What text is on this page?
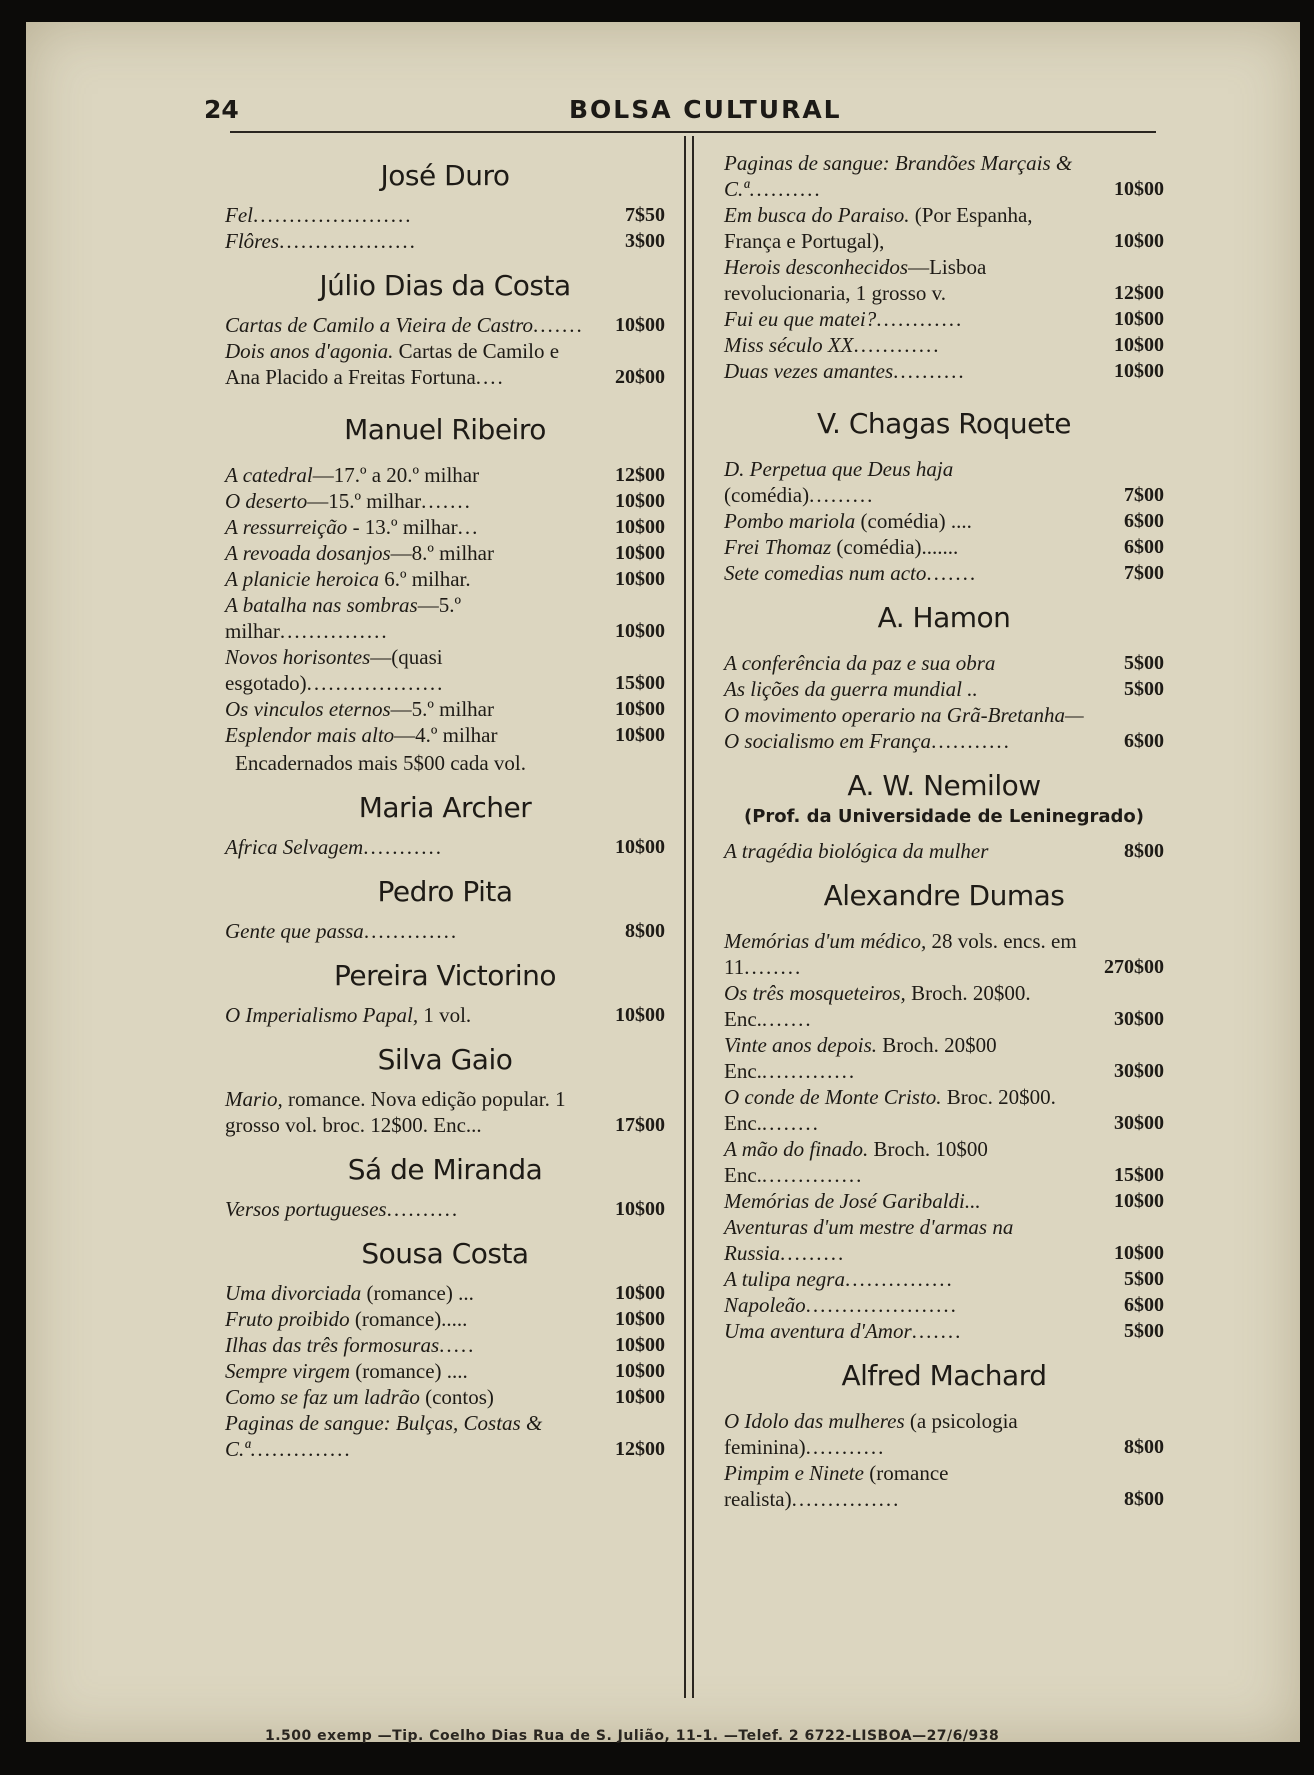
24	BOLSA CULTURAL

José Duro

Fel......................	7$50
Flôres...................	3$00

Júlio Dias da Costa

Cartas de Camilo a Vieira de Castro.......	10$00
Dois anos d'agonia. Cartas de Camilo e Ana Placido a Freitas Fortuna....	20$00

Manuel Ribeiro

A catedral—17.º a 20.º milhar	12$00
O deserto—15.º milhar.......	10$00
A ressurreição - 13.º milhar...	10$00
A revoada dosanjos—8.º milhar	10$00
A planicie heroica 6.º milhar.	10$00
A batalha nas sombras—5.º milhar...............	10$00
Novos horisontes—(quasi esgotado)...................	15$00
Os vinculos eternos—5.º milhar	10$00
Esplendor mais alto—4.º milhar	10$00

Encadernados mais 5$00 cada vol.

Maria Archer

Africa Selvagem...........	10$00

Pedro Pita

Gente que passa.............	8$00

Pereira Victorino

O Imperialismo Papal, 1 vol.	10$00

Silva Gaio

Mario, romance. Nova edição popular. 1 grosso vol. broc. 12$00. Enc...	17$00

Sá de Miranda

Versos portugueses..........	10$00

Sousa Costa

Uma divorciada (romance) ...	10$00
Fruto proibido (romance).....	10$00
Ilhas das três formosuras.....	10$00
Sempre virgem (romance) ....	10$00
Como se faz um ladrão (contos)	10$00
Paginas de sangue: Bulças, Costas & C.ª..............	12$00
Paginas de sangue: Brandões Marçais & C.ª..........	10$00
Em busca do Paraiso. (Por Espanha, França e Portugal),	10$00
Herois desconhecidos—Lisboa revolucionaria, 1 grosso v.	12$00
Fui eu que matei?............	10$00
Miss século XX............	10$00
Duas vezes amantes..........	10$00

V. Chagas Roquete

D. Perpetua que Deus haja (comédia).........	7$00
Pombo mariola (comédia) ....	6$00
Frei Thomaz (comédia).......	6$00
Sete comedias num acto.......	7$00

A. Hamon

A conferência da paz e sua obra	5$00
As lições da guerra mundial ..	5$00
O movimento operario na Grã-Bretanha—O socialismo em França...........	6$00

A. W. Nemilow

(Prof. da Universidade de Leninegrado)

A tragédia biológica da mulher	8$00

Alexandre Dumas

Memórias d'um médico, 28 vols. encs. em 11........	270$00
Os três mosqueteiros, Broch. 20$00. Enc........	30$00
Vinte anos depois. Broch. 20$00 Enc..............	30$00
O conde de Monte Cristo. Broc. 20$00. Enc.........	30$00
A mão do finado. Broch. 10$00 Enc...............	15$00
Memórias de José Garibaldi...	10$00
Aventuras d'um mestre d'armas na Russia.........	10$00
A tulipa negra...............	5$00
Napoleão.....................	6$00
Uma aventura d'Amor.......	5$00

Alfred Machard

O Idolo das mulheres (a psicologia feminina)...........	8$00
Pimpim e Ninete (romance realista)...............	8$00
1.500 exemp —Tip. Coelho Dias Rua de S. Julião, 11-1. —Telef. 2 6722-LISBOA—27/6/938
